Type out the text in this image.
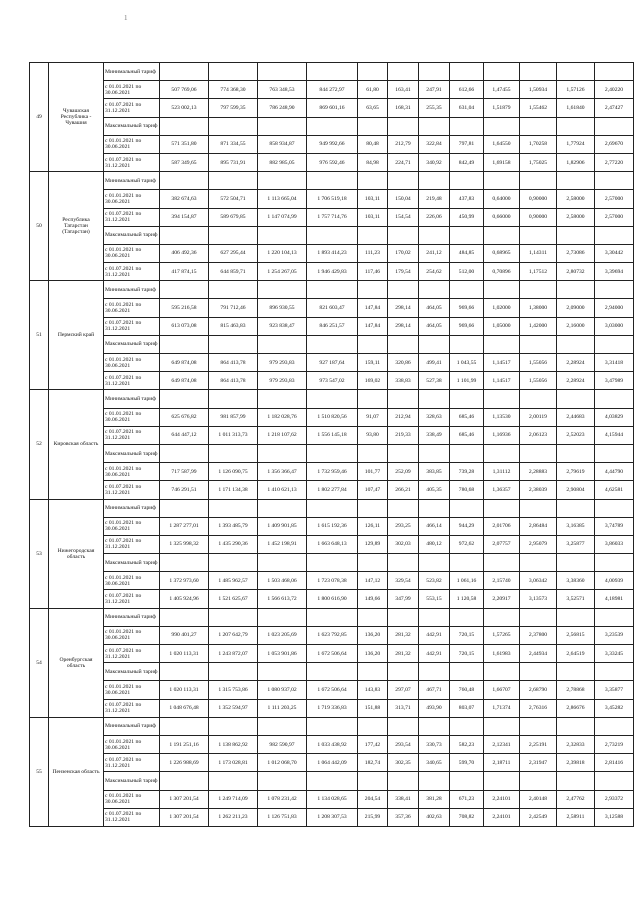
1
49	Чувашская Республика - Чувашия	Минимальный тариф												
		с 01.01.2021 по 30.06.2021	507 769,06	774 368,30	763 348,53	844 272,97	61,80	163,41	247,91	612,66	1,47455	1,50934	1,57126	2,40220
		с 01.07.2021 по 31.12.2021	523 002,13	797 599,35	786 248,90	869 601,16	63,65	168,31	255,35	631,04	1,51879	1,55462	1,61840	2,47427
		Максимальный тариф												
		с 01.01.2021 по 30.06.2021	571 351,80	871 334,55	858 934,87	949 992,66	80,48	212,79	322,84	797,81	1,64550	1,70258	1,77924	2,69670
		с 01.07.2021 по 31.12.2021	587 349,65	895 731,91	882 985,05	976 592,46	84,98	224,71	340,92	842,49	1,69158	1,75025	1,82906	2,77220
50	Республика Татарстан (Татарстан)	Минимальный тариф												
		с 01.01.2021 по 30.06.2021	382 674,63	572 504,71	1 113 665,04	1 706 519,18	103,11	150,04	219,48	437,83	0,64000	0,90000	2,58000	2,57000
		с 01.07.2021 по 31.12.2021	394 154,87	589 679,85	1 147 074,99	1 757 714,76	103,11	154,54	226,06	450,99	0,66000	0,90000	2,58000	2,57000
		Максимальный тариф												
		с 01.01.2021 по 30.06.2021	406 492,36	627 295,44	1 220 104,13	1 893 414,23	111,23	170,02	241,12	484,85	0,68965	1,14311	2,73086	3,30442
		с 01.07.2021 по 31.12.2021	417 874,15	644 859,71	1 254 267,05	1 946 429,83	117,46	179,54	254,62	512,00	0,70896	1,17512	2,80732	3,39694
51	Пермский край	Минимальный тариф												
		с 01.01.2021 по 30.06.2021	595 216,58	791 712,46	896 930,55	821 603,47	147,84	298,14	464,05	969,66	1,02000	1,38000	2,09000	2,94000
		с 01.07.2021 по 31.12.2021	613 073,08	815 463,83	923 838,47	846 251,57	147,84	298,14	464,05	969,66	1,05000	1,42000	2,16000	3,03000
		Максимальный тариф												
		с 01.01.2021 по 30.06.2021	649 874,08	864 413,78	979 293,83	927 187,64	159,11	320,86	499,41	1 043,55	1,14517	1,55056	2,28924	3,31418
		с 01.07.2021 по 31.12.2021	649 874,08	864 413,78	979 293,83	973 547,02	169,02	338,83	527,38	1 101,99	1,14517	1,55056	2,28924	3,47989
52	Кировская область	Минимальный тариф												
		с 01.01.2021 по 30.06.2021	625 676,82	981 857,99	1 182 028,76	1 510 820,56	91,07	212,94	328,63	685,46	1,13530	2,00119	2,44683	4,03829
		с 01.07.2021 по 31.12.2021	644 447,12	1 011 313,73	1 218 107,62	1 556 145,18	93,80	219,33	338,49	685,46	1,16936	2,06123	2,52023	4,15944
		Максимальный тариф												
		с 01.01.2021 по 30.06.2021	717 587,99	1 126 090,75	1 356 366,47	1 732 959,46	101,77	252,09	383,85	739,28	1,31112	2,28883	2,79619	4,44790
		с 01.07.2021 по 31.12.2021	746 291,51	1 171 134,38	1 410 621,13	1 802 277,84	107,47	266,21	405,35	780,68	1,36357	2,38039	2,90804	4,62581
53	Нижегородская область	Минимальный тариф												
		с 01.01.2021 по 30.06.2021	1 287 277,01	1 393 485,79	1 409 901,85	1 615 192,36	126,11	293,25	466,14	944,29	2,01706	2,86484	3,16385	3,74789
		с 01.07.2021 по 31.12.2021	1 325 998,32	1 435 290,36	1 452 198,91	1 663 648,13	129,89	302,03	480,12	972,62	2,07757	2,95079	3,25877	3,86033
		Максимальный тариф												
		с 01.01.2021 по 30.06.2021	1 372 973,60	1 485 962,57	1 503 468,06	1 723 078,38	147,12	329,54	523,82	1 061,16	2,15740	3,06342	3,38360	4,00939
		с 01.07.2021 по 31.12.2021	1 405 924,96	1 521 625,67	1 566 613,72	1 800 616,90	149,66	347,99	553,15	1 120,58	2,20917	3,13573	3,52571	4,18981
54	Оренбургская область	Минимальный тариф												
		с 01.01.2021 по 30.06.2021	990 401,27	1 207 642,79	1 023 205,69	1 623 792,85	136,20	281,32	442,91	720,15	1,57265	2,37800	2,56815	3,23539
		с 01.07.2021 по 31.12.2021	1 020 113,31	1 243 872,07	1 053 901,86	1 672 506,64	136,20	281,32	442,91	720,15	1,61983	2,44934	2,64519	3,33245
		Максимальный тариф												
		с 01.01.2021 по 30.06.2021	1 020 113,31	1 315 753,86	1 080 937,02	1 672 506,64	143,83	297,07	467,71	760,48	1,66707	2,68790	2,78868	3,35877
		с 01.07.2021 по 31.12.2021	1 048 676,48	1 352 594,97	1 111 203,25	1 719 336,83	151,88	313,71	493,90	803,07	1,71374	2,76316	2,86676	3,45282
55	Пензенская область	Минимальный тариф												
		с 01.01.2021 по 30.06.2021	1 191 251,16	1 138 862,92	982 590,97	1 033 438,92	177,42	293,54	330,73	582,23	2,12341	2,25191	2,32833	2,73219
		с 01.07.2021 по 31.12.2021	1 226 988,69	1 173 028,81	1 012 068,70	1 064 442,09	182,74	302,35	340,65	599,70	2,18711	2,31947	2,39818	2,81416
		Максимальный тариф												
		с 01.01.2021 по 30.06.2021	1 307 201,54	1 249 714,09	1 078 231,42	1 134 028,65	204,54	338,41	381,28	671,23	2,24101	2,40148	2,47762	2,93372
		с 01.07.2021 по 31.12.2021	1 307 201,54	1 262 211,23	1 126 751,83	1 208 307,53	215,99	357,36	402,63	708,82	2,24101	2,42549	2,58911	3,12588
